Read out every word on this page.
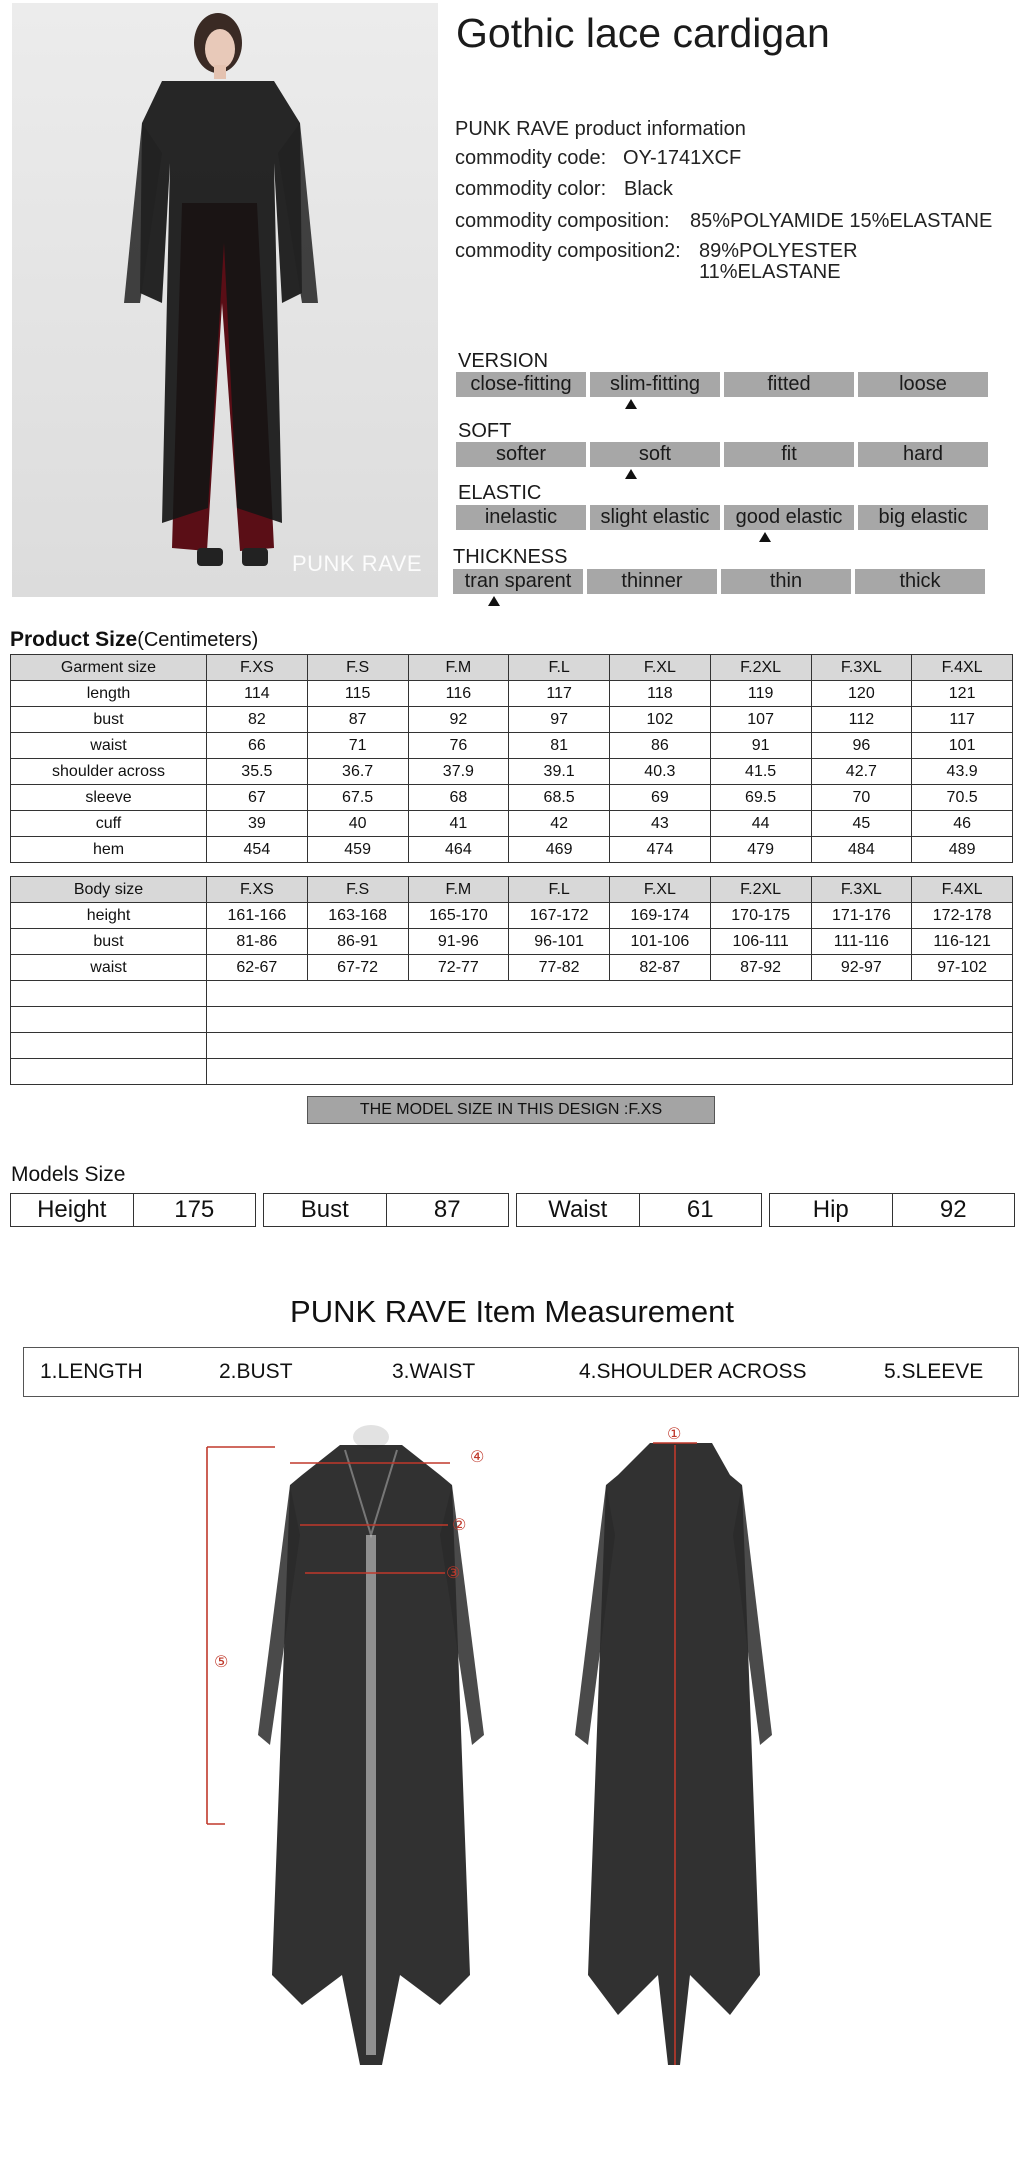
PUNK RAVE
Gothic lace cardigan
PUNK RAVE product information
commodity code: OY-1741XCF
commodity color: Black
commodity composition: 85%POLYAMIDE 15%ELASTANE
commodity composition2: 89%POLYESTER
11%ELASTANE
VERSION
close-fitting	slim-fitting	fitted	loose
SOFT
softer	soft	fit	hard
ELASTIC
inelastic	slight elastic	good elastic	big elastic
THICKNESS
tran sparent	thinner	thin	thick
Product Size(Centimeters)
Garment size	F.XS	F.S	F.M	F.L	F.XL	F.2XL	F.3XL	F.4XL
length	114	115	116	117	118	119	120	121
bust	82	87	92	97	102	107	112	117
waist	66	71	76	81	86	91	96	101
shoulder across	35.5	36.7	37.9	39.1	40.3	41.5	42.7	43.9
sleeve	67	67.5	68	68.5	69	69.5	70	70.5
cuff	39	40	41	42	43	44	45	46
hem	454	459	464	469	474	479	484	489
Body size	F.XS	F.S	F.M	F.L	F.XL	F.2XL	F.3XL	F.4XL
height	161-166	163-168	165-170	167-172	169-174	170-175	171-176	172-178
bust	81-86	86-91	91-96	96-101	101-106	106-111	111-116	116-121
waist	62-67	67-72	72-77	77-82	82-87	87-92	92-97	97-102

THE MODEL SIZE IN THIS DESIGN :F.XS
Models Size
Height	175	Bust	87	Waist	61	Hip	92
PUNK RAVE Item Measurement
1.LENGTH	2.BUST	3.WAIST	4.SHOULDER ACROSS	5.SLEEVE
④
②
③
⑤
①
